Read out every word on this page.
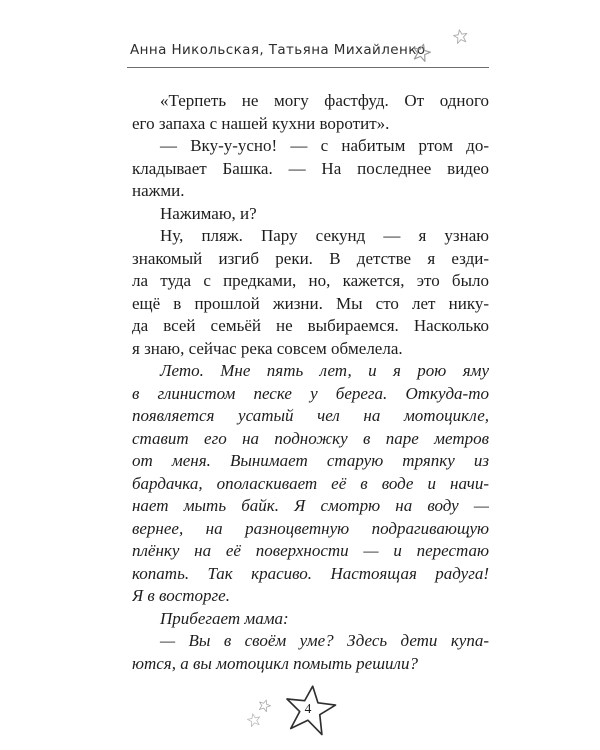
Анна Никольская, Татьяна Михайленко
«Терпеть не могу фастфуд. От одного
его запаха с нашей кухни воротит».
— Вку-у-усно! — с набитым ртом до-
кладывает Башка. — На последнее видео
нажми.
Нажимаю, и?
Ну, пляж. Пару секунд — я узнаю
знакомый изгиб реки. В детстве я езди-
ла туда с предками, но, кажется, это было
ещё в прошлой жизни. Мы сто лет нику-
да всей семьёй не выбираемся. Насколько
я знаю, сейчас река совсем обмелела.
Лето. Мне пять лет, и я рою яму
в глинистом песке у берега. Откуда-то
появляется усатый чел на мотоцикле,
ставит его на подножку в паре метров
от меня. Вынимает старую тряпку из
бардачка, ополаскивает её в воде и начи-
нает мыть байк. Я смотрю на воду —
вернее, на разноцветную подрагивающую
плёнку на её поверхности — и перестаю
копать. Так красиво. Настоящая радуга!
Я в восторге.
Прибегает мама:
— Вы в своём уме? Здесь дети купа-
ются, а вы мотоцикл помыть решили?
4
